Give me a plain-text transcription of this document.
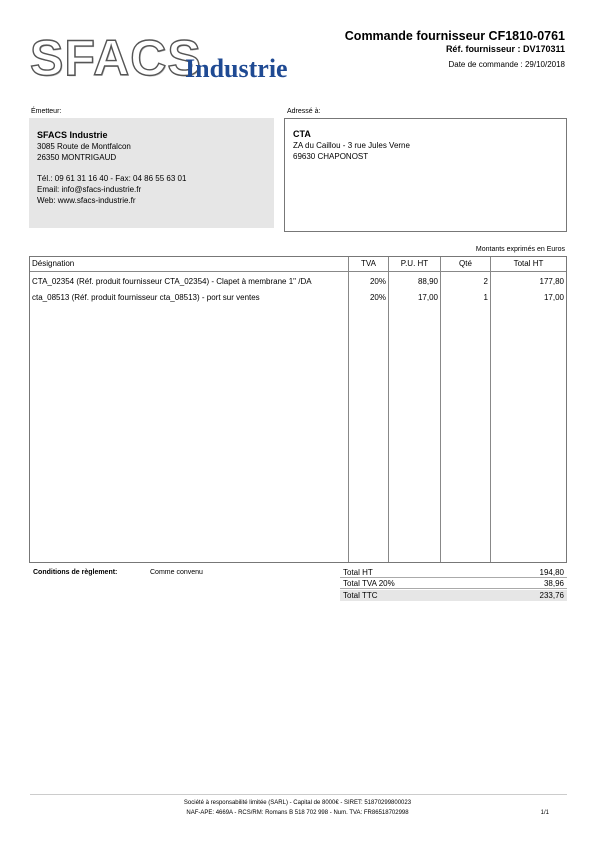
SFACS
Industrie
Commande fournisseur CF1810-0761
Réf. fournisseur : DV170311
Date de commande : 29/10/2018
Émetteur:	Adressé à:
SFACS Industrie
3085 Route de Montfalcon
26350 MONTRIGAUD
Tél.: 09 61 31 16 40 - Fax: 04 86 55 63 01
Email: info@sfacs-industrie.fr
Web: www.sfacs-industrie.fr
CTA
ZA du Caillou - 3 rue Jules Verne
69630 CHAPONOST
Montants exprimés en Euros
Désignation	TVA	P.U. HT	Qté	Total HT
CTA_02354 (Réf. produit fournisseur CTA_02354) - Clapet à membrane 1" /DA	20%	88,90	2	177,80
cta_08513 (Réf. produit fournisseur cta_08513) - port sur ventes	20%	17,00	1	17,00
Conditions de règlement:	Comme convenu	Total HT	194,80
Total TVA 20%	38,96
Total TTC	233,76
Société à responsabilité limitée (SARL) - Capital de 8000€ - SIRET: 51870299800023
NAF-APE: 4669A - RCS/RM: Romans B 518 702 998 - Num. TVA: FR86518702998	1/1
